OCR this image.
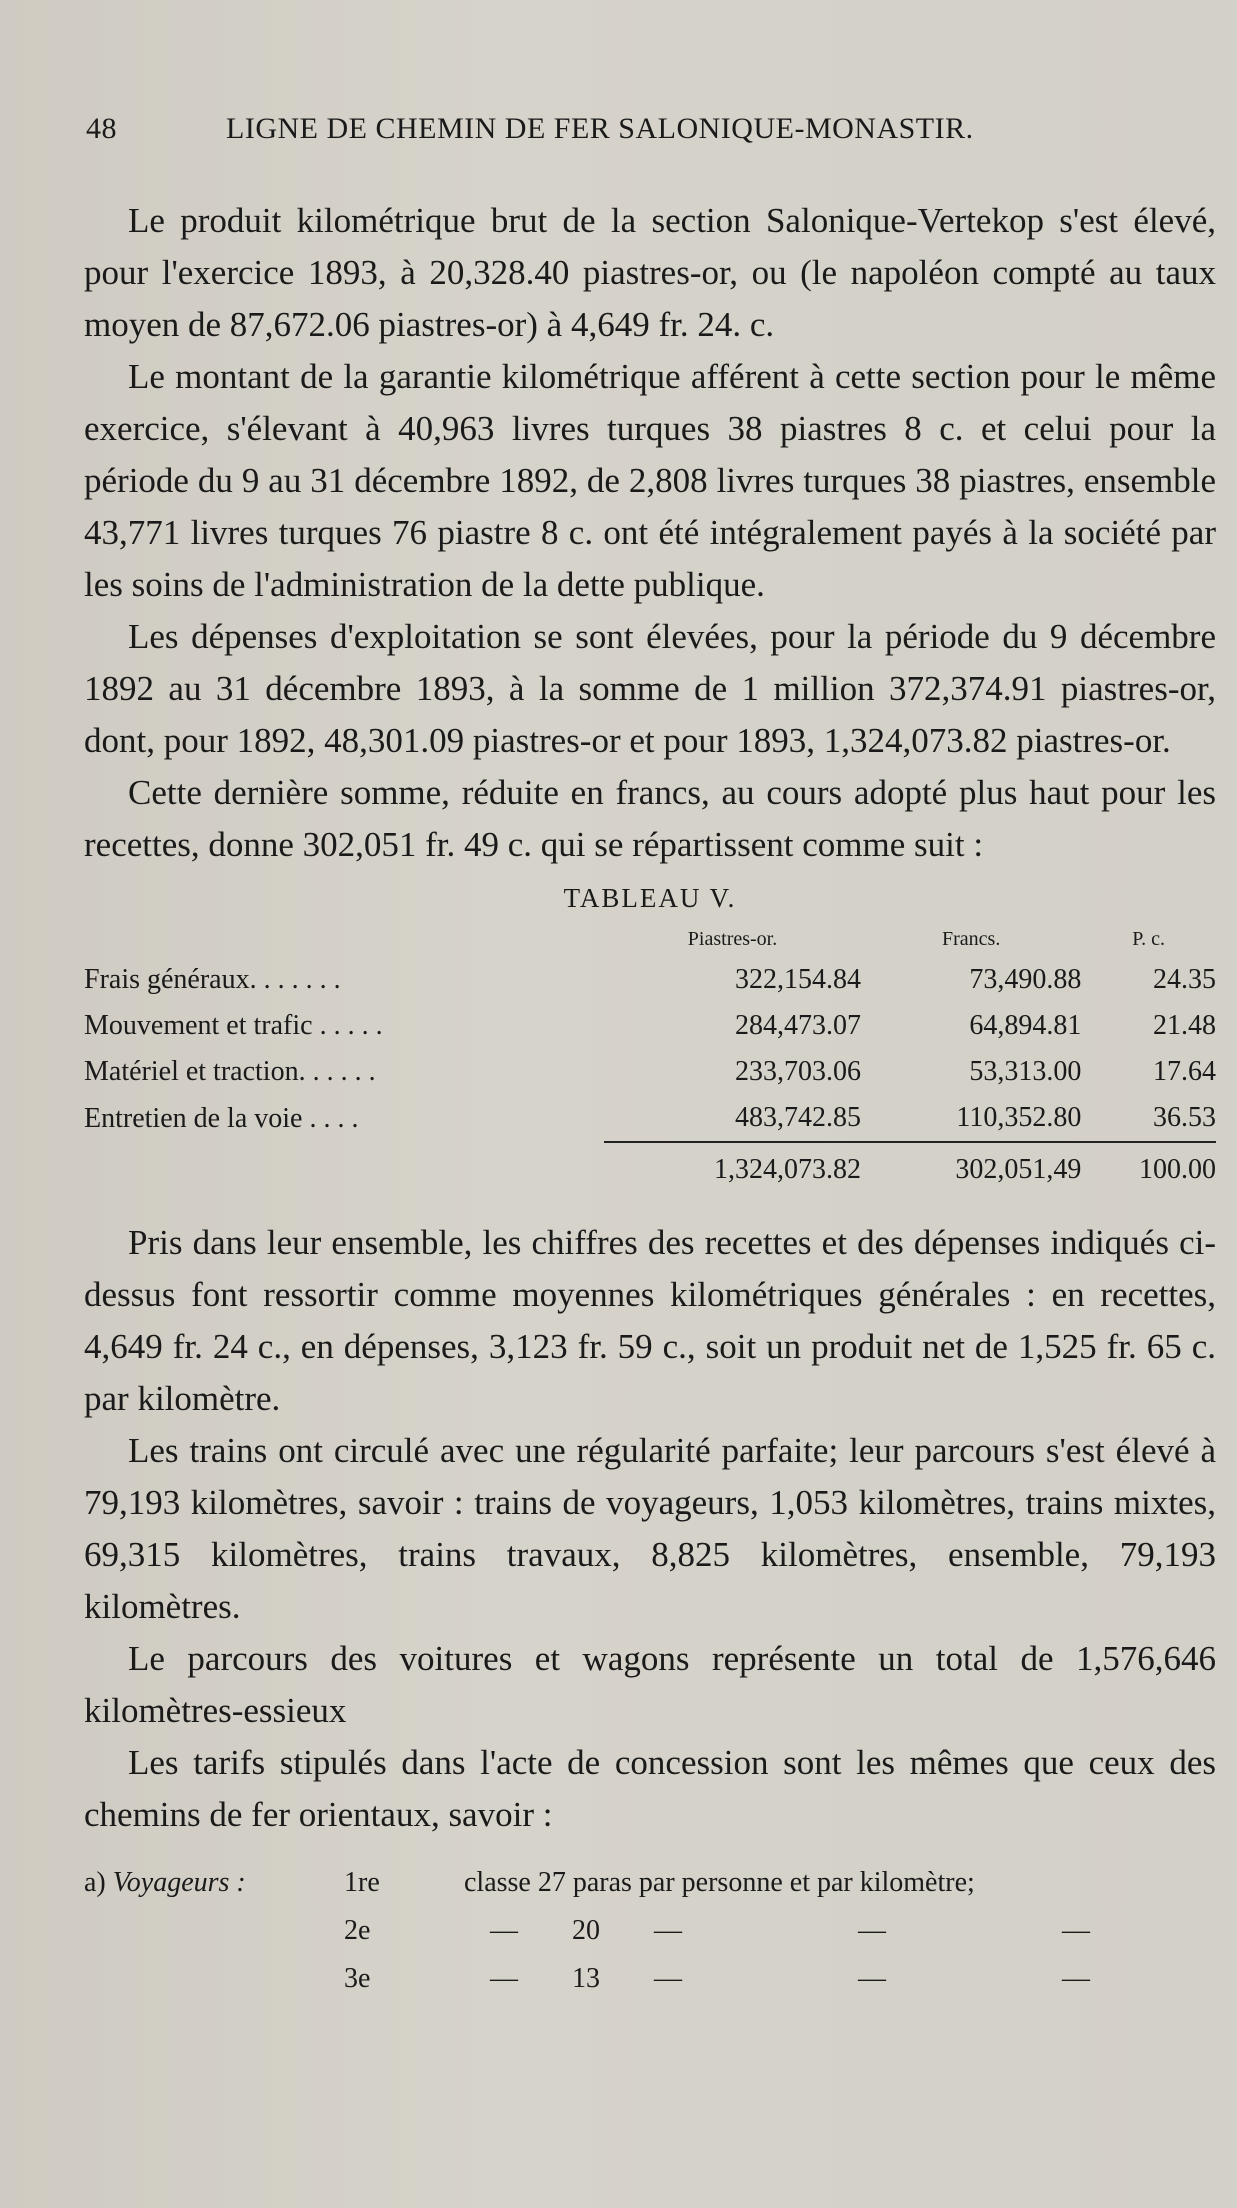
48	LIGNE DE CHEMIN DE FER SALONIQUE-MONASTIR.

Le produit kilométrique brut de la section Salonique-Vertekop s'est élevé, pour l'exercice 1893, à 20,328.40 piastres-or, ou (le napoléon compté au taux moyen de 87,672.06 piastres-or) à 4,649 fr. 24. c.

Le montant de la garantie kilométrique afférent à cette section pour le même exercice, s'élevant à 40,963 livres turques 38 piastres 8 c. et celui pour la période du 9 au 31 décembre 1892, de 2,808 livres turques 38 piastres, ensemble 43,771 livres turques 76 piastre 8 c. ont été intégralement payés à la société par les soins de l'administration de la dette publique.

Les dépenses d'exploitation se sont élevées, pour la période du 9 décembre 1892 au 31 décembre 1893, à la somme de 1 million 372,374.91 piastres-or, dont, pour 1892, 48,301.09 piastres-or et pour 1893, 1,324,073.82 piastres-or.

Cette dernière somme, réduite en francs, au cours adopté plus haut pour les recettes, donne 302,051 fr. 49 c. qui se répartissent comme suit :

TABLEAU V.
	Piastres-or.	Francs.	P. c.
Frais généraux. . . . . . .	322,154.84	73,490.88	24.35
Mouvement et trafic . . . . .	284,473.07	64,894.81	21.48
Matériel et traction. . . . . .	233,703.06	53,313.00	17.64
Entretien de la voie . . . .	483,742.85	110,352.80	36.53
	1,324,073.82	302,051,49	100.00

Pris dans leur ensemble, les chiffres des recettes et des dépenses indiqués ci-dessus font ressortir comme moyennes kilométriques générales : en recettes, 4,649 fr. 24 c., en dépenses, 3,123 fr. 59 c., soit un produit net de 1,525 fr. 65 c. par kilomètre.

Les trains ont circulé avec une régularité parfaite; leur parcours s'est élevé à 79,193 kilomètres, savoir : trains de voyageurs, 1,053 kilomètres, trains mixtes, 69,315 kilomètres, trains travaux, 8,825 kilomètres, ensemble, 79,193 kilomètres.

Le parcours des voitures et wagons représente un total de 1,576,646 kilomètres-essieux

Les tarifs stipulés dans l'acte de concession sont les mêmes que ceux des chemins de fer orientaux, savoir :

a) Voyageurs :	1re	classe 27 paras par personne et par kilomètre;
2e	— 20 —	—	—
3e	— 13 —	—	—
